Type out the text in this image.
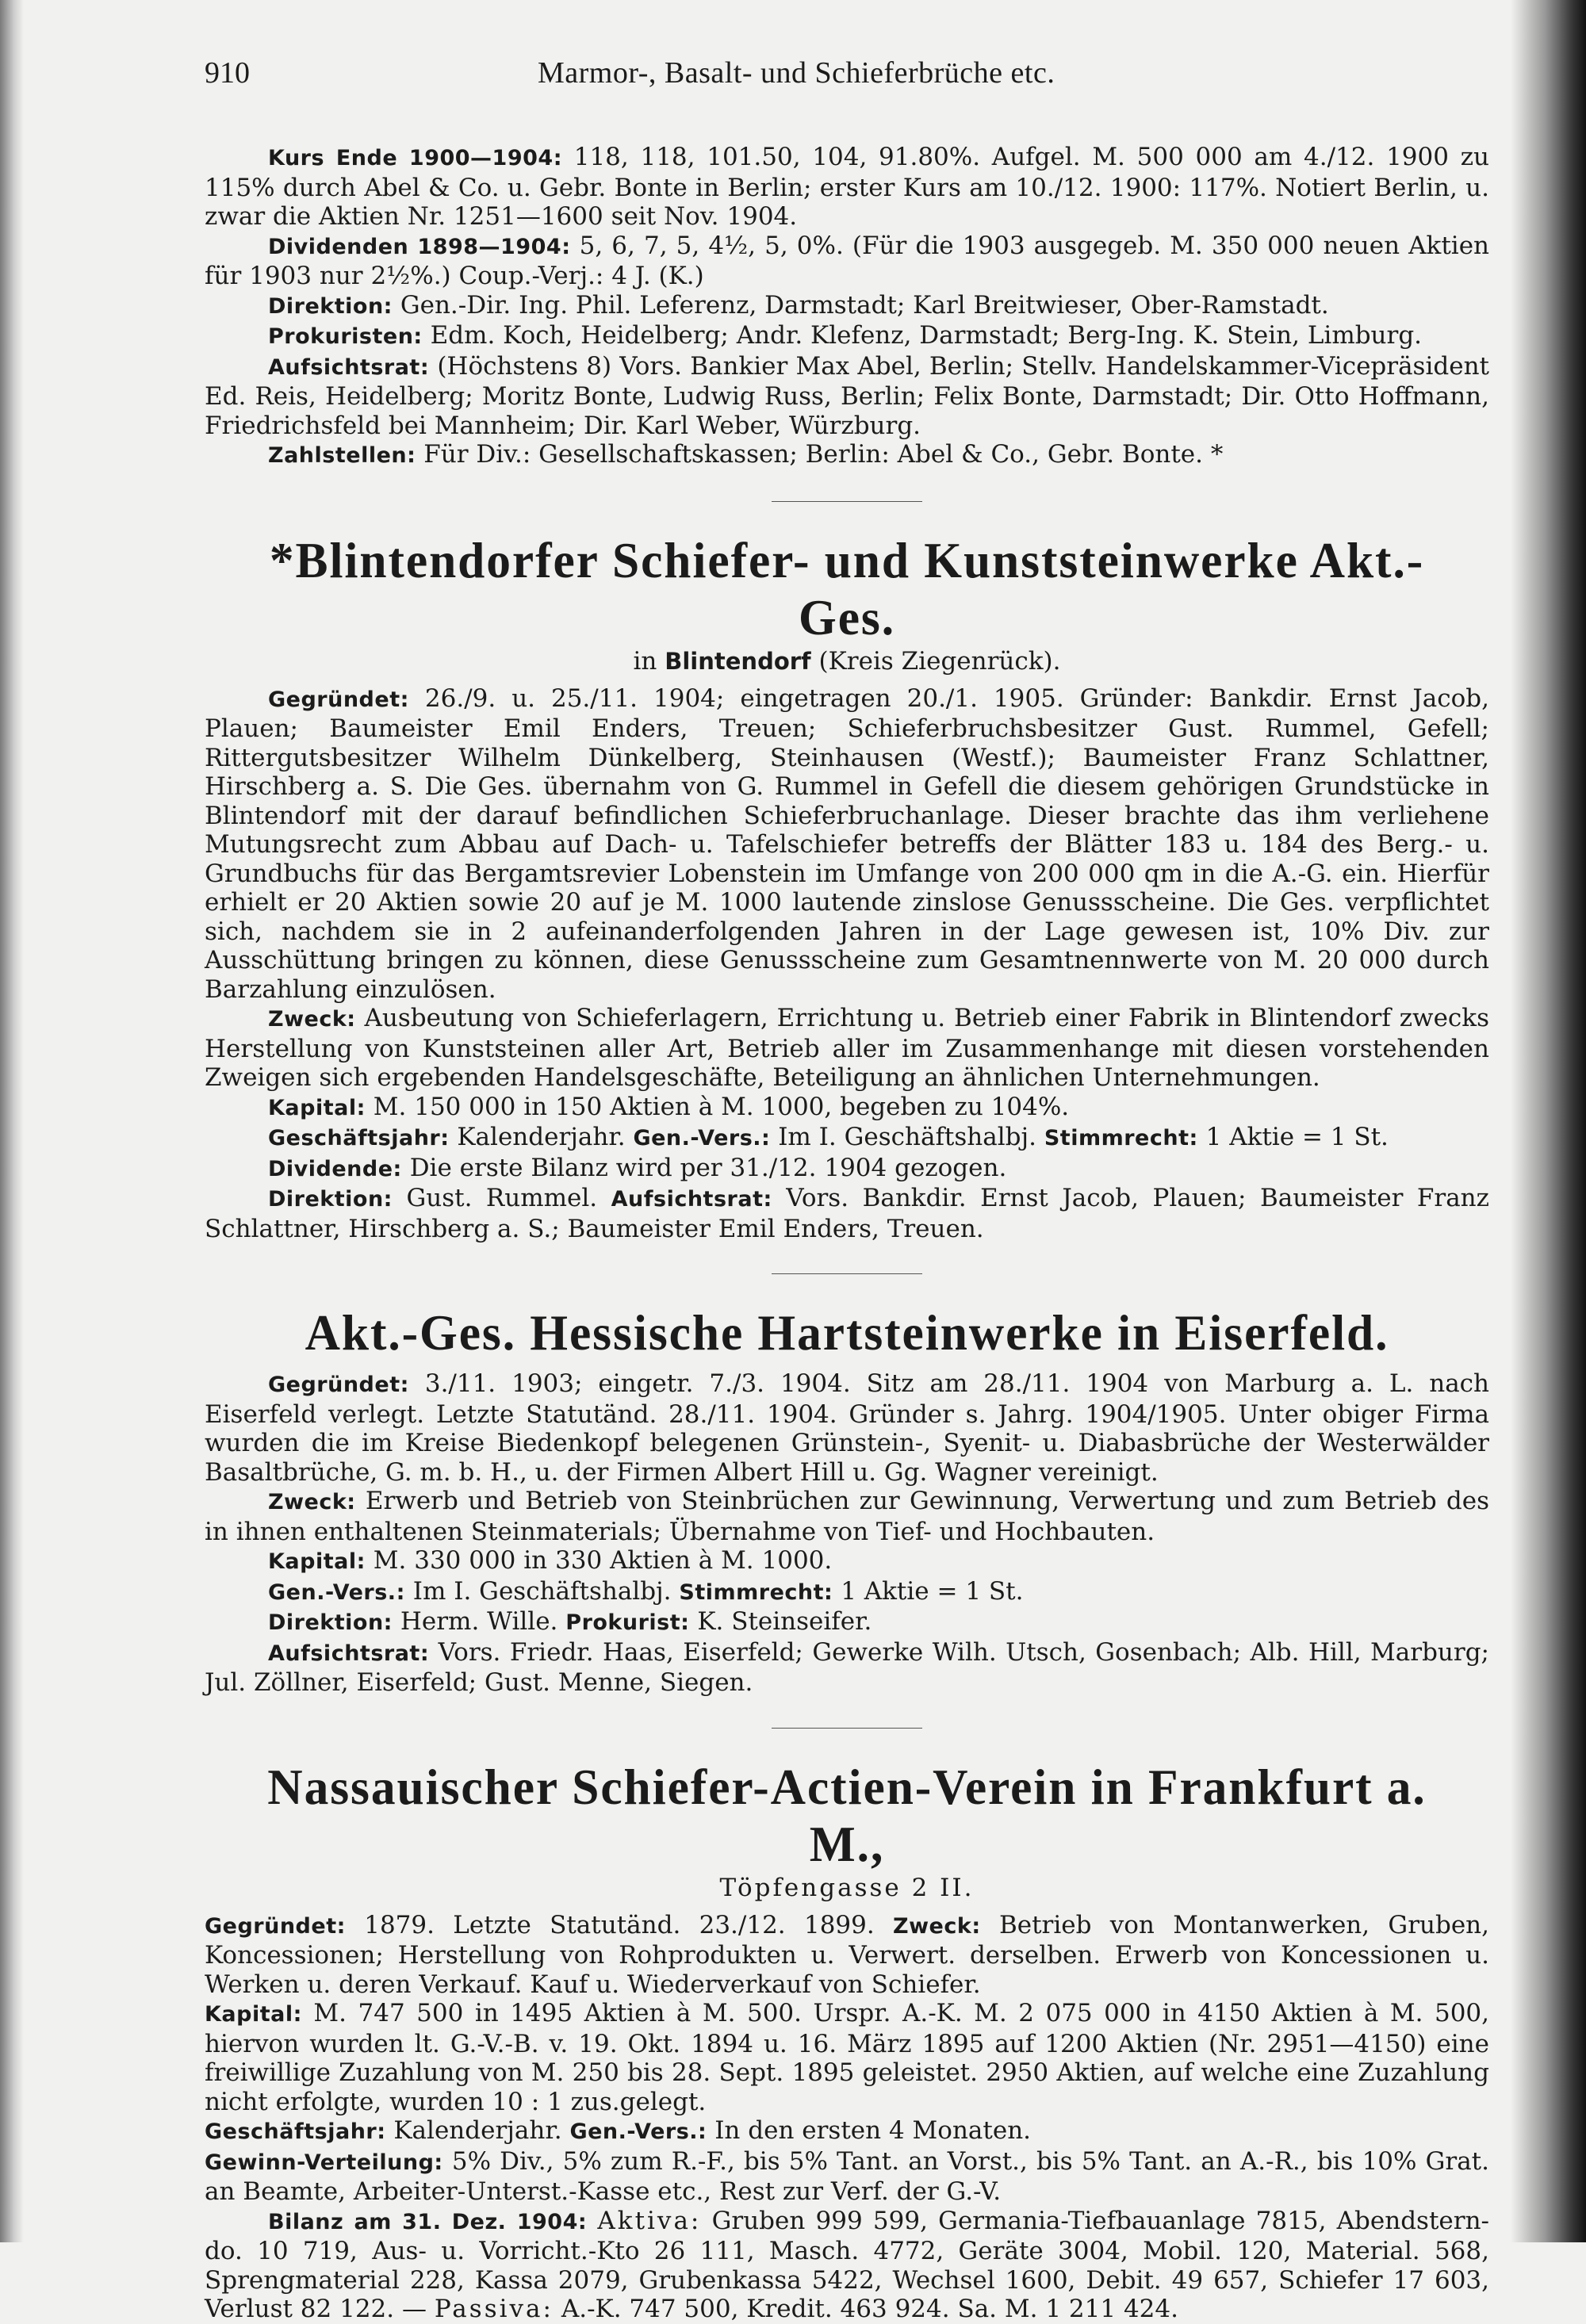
910	Marmor-, Basalt- und Schieferbrüche etc.

Kurs Ende 1900—1904: 118, 118, 101.50, 104, 91.80%. Aufgel. M. 500 000 am 4./12. 1900 zu 115% durch Abel & Co. u. Gebr. Bonte in Berlin; erster Kurs am 10./12. 1900: 117%. Notiert Berlin, u. zwar die Aktien Nr. 1251—1600 seit Nov. 1904.

Dividenden 1898—1904: 5, 6, 7, 5, 4½, 5, 0%. (Für die 1903 ausgegeb. M. 350 000 neuen Aktien für 1903 nur 2½%.) Coup.-Verj.: 4 J. (K.)

Direktion: Gen.-Dir. Ing. Phil. Leferenz, Darmstadt; Karl Breitwieser, Ober-Ramstadt.

Prokuristen: Edm. Koch, Heidelberg; Andr. Klefenz, Darmstadt; Berg-Ing. K. Stein, Limburg.

Aufsichtsrat: (Höchstens 8) Vors. Bankier Max Abel, Berlin; Stellv. Handelskammer-Vicepräsident Ed. Reis, Heidelberg; Moritz Bonte, Ludwig Russ, Berlin; Felix Bonte, Darmstadt; Dir. Otto Hoffmann, Friedrichsfeld bei Mannheim; Dir. Karl Weber, Würzburg.

Zahlstellen: Für Div.: Gesellschaftskassen; Berlin: Abel & Co., Gebr. Bonte. *

*Blintendorfer Schiefer- und Kunststeinwerke Akt.-Ges.
in Blintendorf (Kreis Ziegenrück).

Gegründet: 26./9. u. 25./11. 1904; eingetragen 20./1. 1905. Gründer: Bankdir. Ernst Jacob, Plauen; Baumeister Emil Enders, Treuen; Schieferbruchsbesitzer Gust. Rummel, Gefell; Rittergutsbesitzer Wilhelm Dünkelberg, Steinhausen (Westf.); Baumeister Franz Schlattner, Hirschberg a. S. Die Ges. übernahm von G. Rummel in Gefell die diesem gehörigen Grundstücke in Blintendorf mit der darauf befindlichen Schieferbruchanlage. Dieser brachte das ihm verliehene Mutungsrecht zum Abbau auf Dach- u. Tafelschiefer betreffs der Blätter 183 u. 184 des Berg.- u. Grundbuchs für das Bergamtsrevier Lobenstein im Umfange von 200 000 qm in die A.-G. ein. Hierfür erhielt er 20 Aktien sowie 20 auf je M. 1000 lautende zinslose Genussscheine. Die Ges. verpflichtet sich, nachdem sie in 2 aufeinanderfolgenden Jahren in der Lage gewesen ist, 10% Div. zur Ausschüttung bringen zu können, diese Genussscheine zum Gesamtnennwerte von M. 20 000 durch Barzahlung einzulösen.

Zweck: Ausbeutung von Schieferlagern, Errichtung u. Betrieb einer Fabrik in Blintendorf zwecks Herstellung von Kunststeinen aller Art, Betrieb aller im Zusammenhange mit diesen vorstehenden Zweigen sich ergebenden Handelsgeschäfte, Beteiligung an ähnlichen Unternehmungen.

Kapital: M. 150 000 in 150 Aktien à M. 1000, begeben zu 104%.

Geschäftsjahr: Kalenderjahr. Gen.-Vers.: Im I. Geschäftshalbj. Stimmrecht: 1 Aktie = 1 St.

Dividende: Die erste Bilanz wird per 31./12. 1904 gezogen.

Direktion: Gust. Rummel. Aufsichtsrat: Vors. Bankdir. Ernst Jacob, Plauen; Baumeister Franz Schlattner, Hirschberg a. S.; Baumeister Emil Enders, Treuen.

Akt.-Ges. Hessische Hartsteinwerke in Eiserfeld.

Gegründet: 3./11. 1903; eingetr. 7./3. 1904. Sitz am 28./11. 1904 von Marburg a. L. nach Eiserfeld verlegt. Letzte Statutänd. 28./11. 1904. Gründer s. Jahrg. 1904/1905. Unter obiger Firma wurden die im Kreise Biedenkopf belegenen Grünstein-, Syenit- u. Diabasbrüche der Westerwälder Basaltbrüche, G. m. b. H., u. der Firmen Albert Hill u. Gg. Wagner vereinigt.

Zweck: Erwerb und Betrieb von Steinbrüchen zur Gewinnung, Verwertung und zum Betrieb des in ihnen enthaltenen Steinmaterials; Übernahme von Tief- und Hochbauten.

Kapital: M. 330 000 in 330 Aktien à M. 1000.

Gen.-Vers.: Im I. Geschäftshalbj. Stimmrecht: 1 Aktie = 1 St.

Direktion: Herm. Wille. Prokurist: K. Steinseifer.

Aufsichtsrat: Vors. Friedr. Haas, Eiserfeld; Gewerke Wilh. Utsch, Gosenbach; Alb. Hill, Marburg; Jul. Zöllner, Eiserfeld; Gust. Menne, Siegen.

Nassauischer Schiefer-Actien-Verein in Frankfurt a. M.,
Töpfengasse 2 II.

Gegründet: 1879. Letzte Statutänd. 23./12. 1899. Zweck: Betrieb von Montanwerken, Gruben, Koncessionen; Herstellung von Rohprodukten u. Verwert. derselben. Erwerb von Koncessionen u. Werken u. deren Verkauf. Kauf u. Wiederverkauf von Schiefer.

Kapital: M. 747 500 in 1495 Aktien à M. 500. Urspr. A.-K. M. 2 075 000 in 4150 Aktien à M. 500, hiervon wurden lt. G.-V.-B. v. 19. Okt. 1894 u. 16. März 1895 auf 1200 Aktien (Nr. 2951—4150) eine freiwillige Zuzahlung von M. 250 bis 28. Sept. 1895 geleistet. 2950 Aktien, auf welche eine Zuzahlung nicht erfolgte, wurden 10 : 1 zus.gelegt.

Geschäftsjahr: Kalenderjahr. Gen.-Vers.: In den ersten 4 Monaten.

Gewinn-Verteilung: 5% Div., 5% zum R.-F., bis 5% Tant. an Vorst., bis 5% Tant. an A.-R., bis 10% Grat. an Beamte, Arbeiter-Unterst.-Kasse etc., Rest zur Verf. der G.-V.

Bilanz am 31. Dez. 1904: Aktiva: Gruben 999 599, Germania-Tiefbauanlage 7815, Abendstern- do. 10 719, Aus- u. Vorricht.-Kto 26 111, Masch. 4772, Geräte 3004, Mobil. 120, Material. 568, Sprengmaterial 228, Kassa 2079, Grubenkassa 5422, Wechsel 1600, Debit. 49 657, Schiefer 17 603, Verlust 82 122. — Passiva: A.-K. 747 500, Kredit. 463 924. Sa. M. 1 211 424.
